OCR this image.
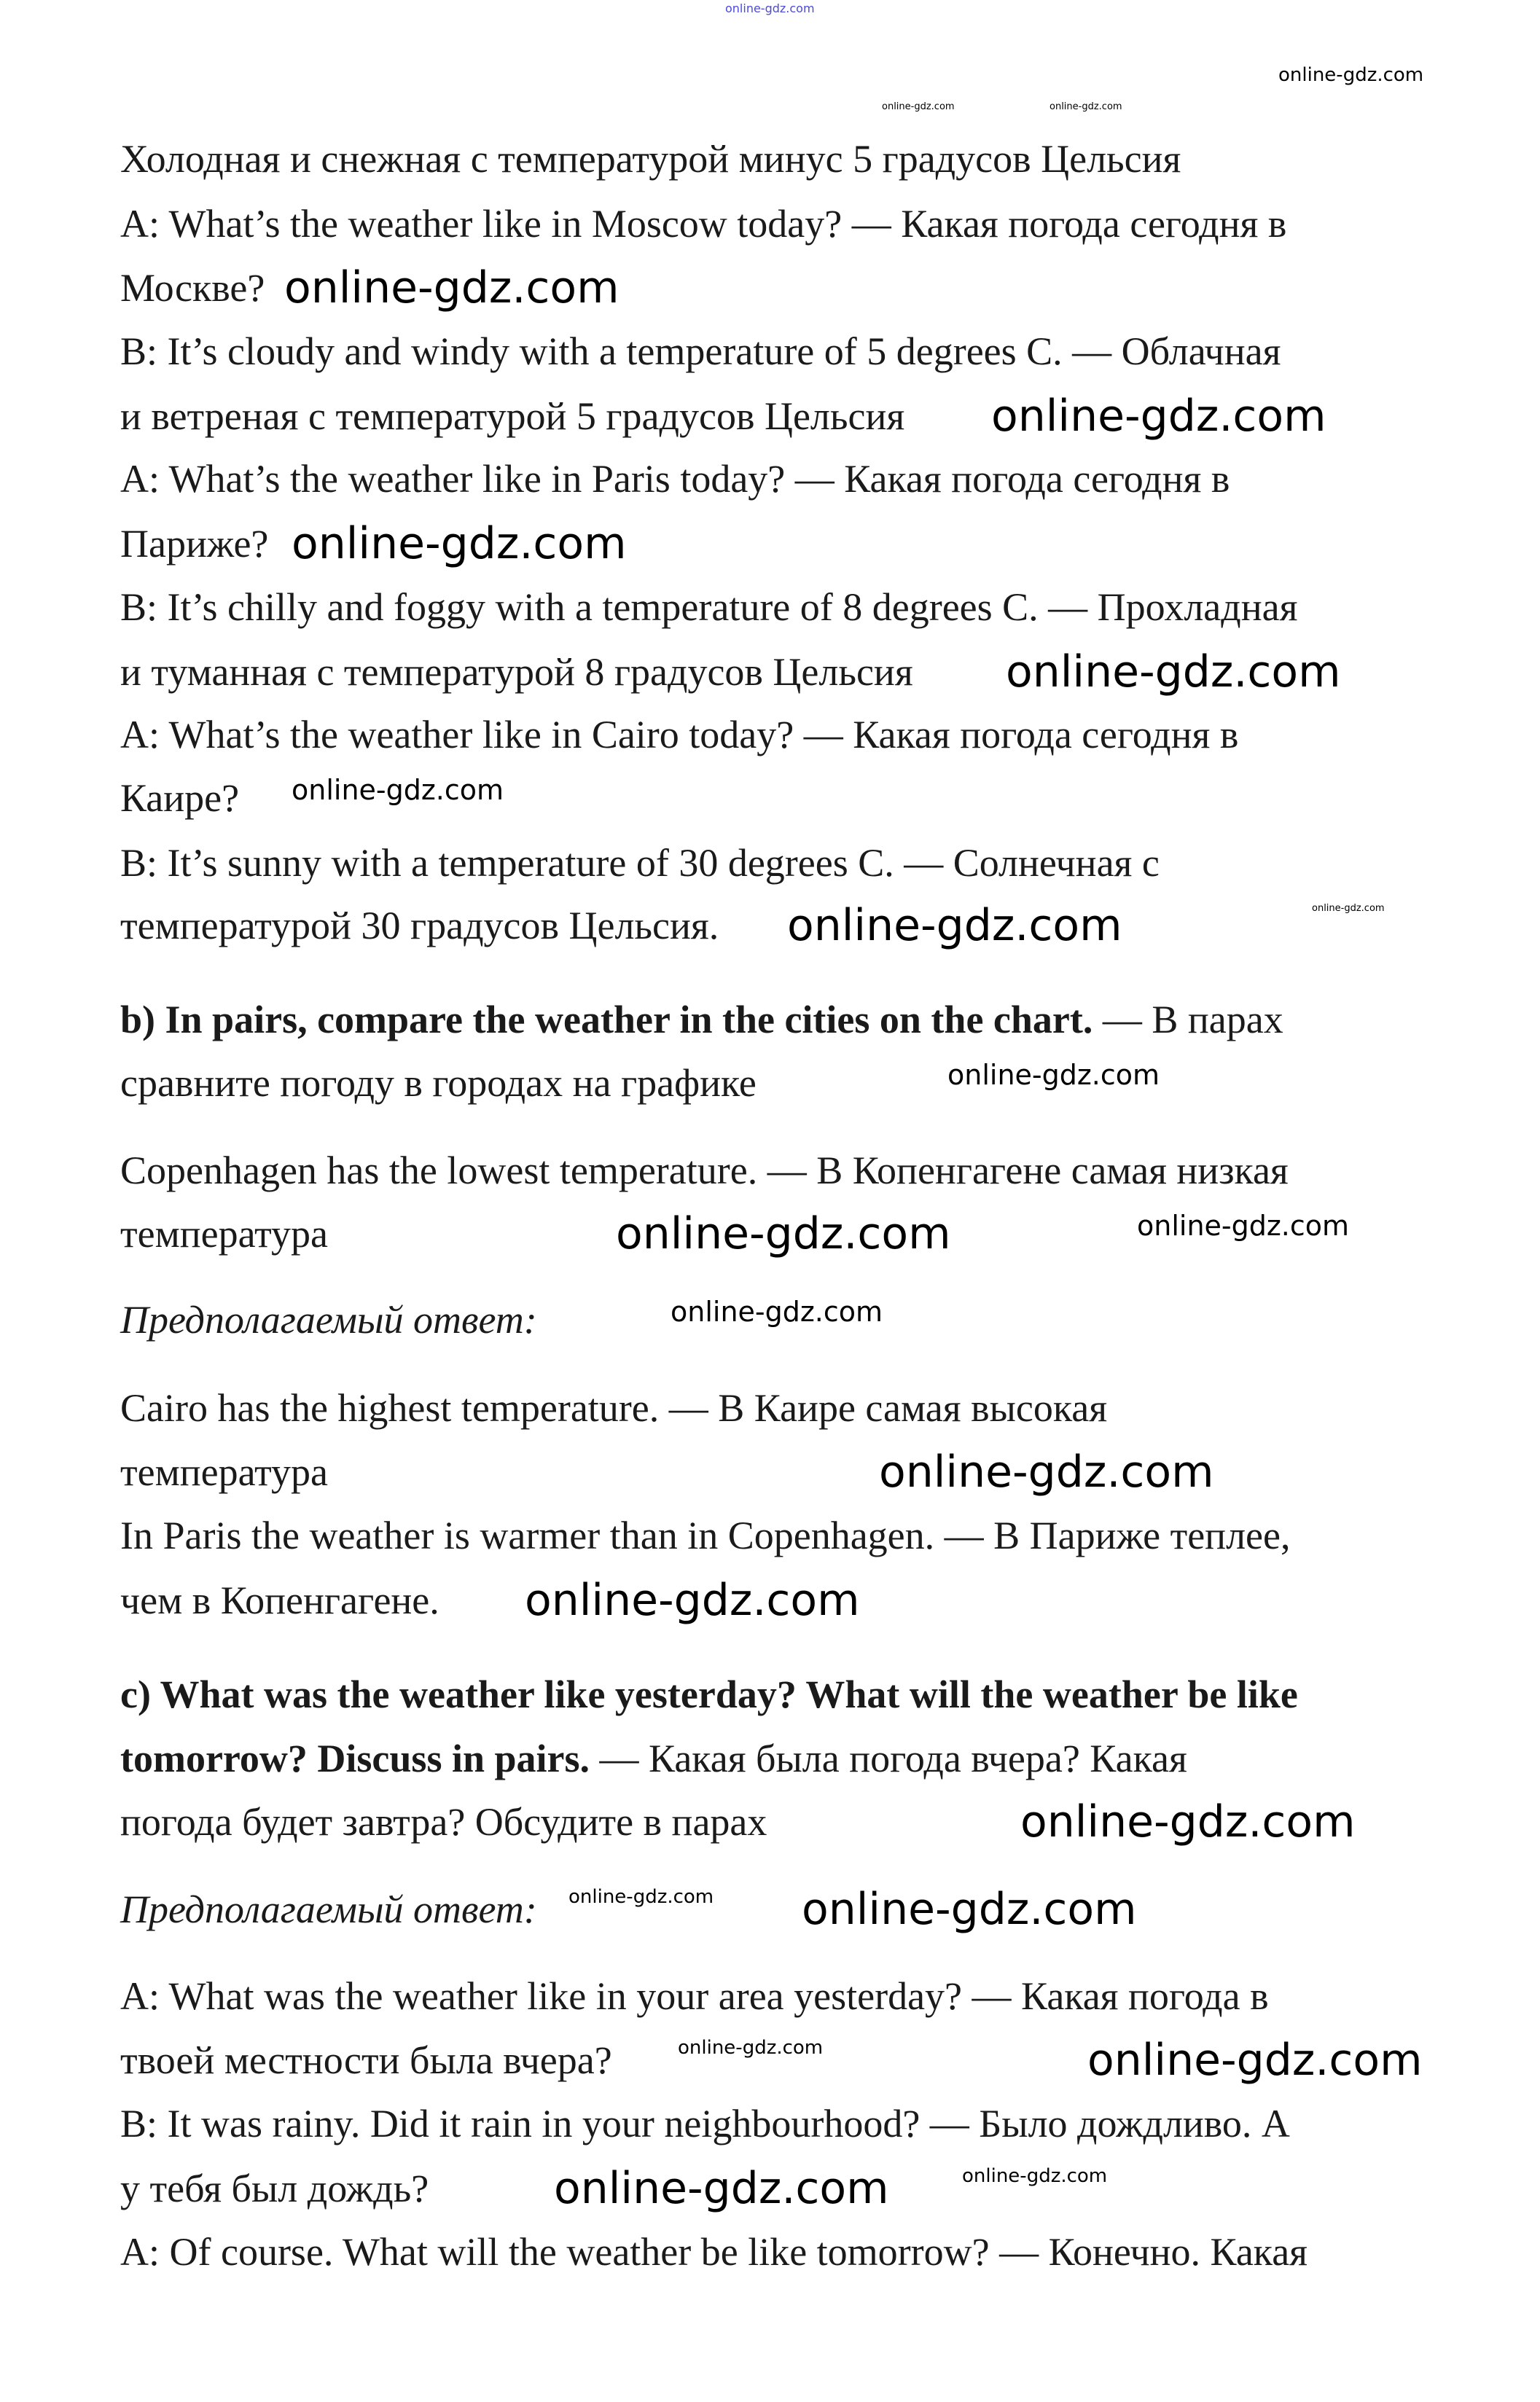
Холодная и снежная с температурой минус 5 градусов Цельсия
A: What’s the weather like in Moscow today? — Какая погода сегодня в
Москве?
B: It’s cloudy and windy with a temperature of 5 degrees C. — Облачная
и ветреная с температурой 5 градусов Цельсия
A: What’s the weather like in Paris today? — Какая погода сегодня в
Париже?
B: It’s chilly and foggy with a temperature of 8 degrees C. — Прохладная
и туманная с температурой 8 градусов Цельсия
A: What’s the weather like in Cairo today? — Какая погода сегодня в
Каире?
B: It’s sunny with a temperature of 30 degrees C. — Солнечная с
температурой 30 градусов Цельсия.
b) In pairs, compare the weather in the cities on the chart. — В парах
сравните погоду в городах на графике
Copenhagen has the lowest temperature. — В Копенгагене самая низкая
температура
Предполагаемый ответ:
Cairo has the highest temperature. — В Каире самая высокая
температура
In Paris the weather is warmer than in Copenhagen. — В Париже теплее,
чем в Копенгагене.
c) What was the weather like yesterday? What will the weather be like
tomorrow? Discuss in pairs. — Какая была погода вчера? Какая
погода будет завтра? Обсудите в парах
Предполагаемый ответ:
A: What was the weather like in your area yesterday? — Какая погода в
твоей местности была вчера?
B: It was rainy. Did it rain in your neighbourhood? — Было дождливо. А
у тебя был дождь?
A: Of course. What will the weather be like tomorrow? — Конечно. Какая
online-gdz.com
online-gdz.com
online-gdz.com	online-gdz.com
online-gdz.com
online-gdz.com
online-gdz.com
online-gdz.com
online-gdz.com
online-gdz.com	online-gdz.com
online-gdz.com
online-gdz.com	online-gdz.com
online-gdz.com
online-gdz.com
online-gdz.com
online-gdz.com
online-gdz.com online-gdz.com
online-gdz.com
online-gdz.com
online-gdz.com	online-gdz.com
